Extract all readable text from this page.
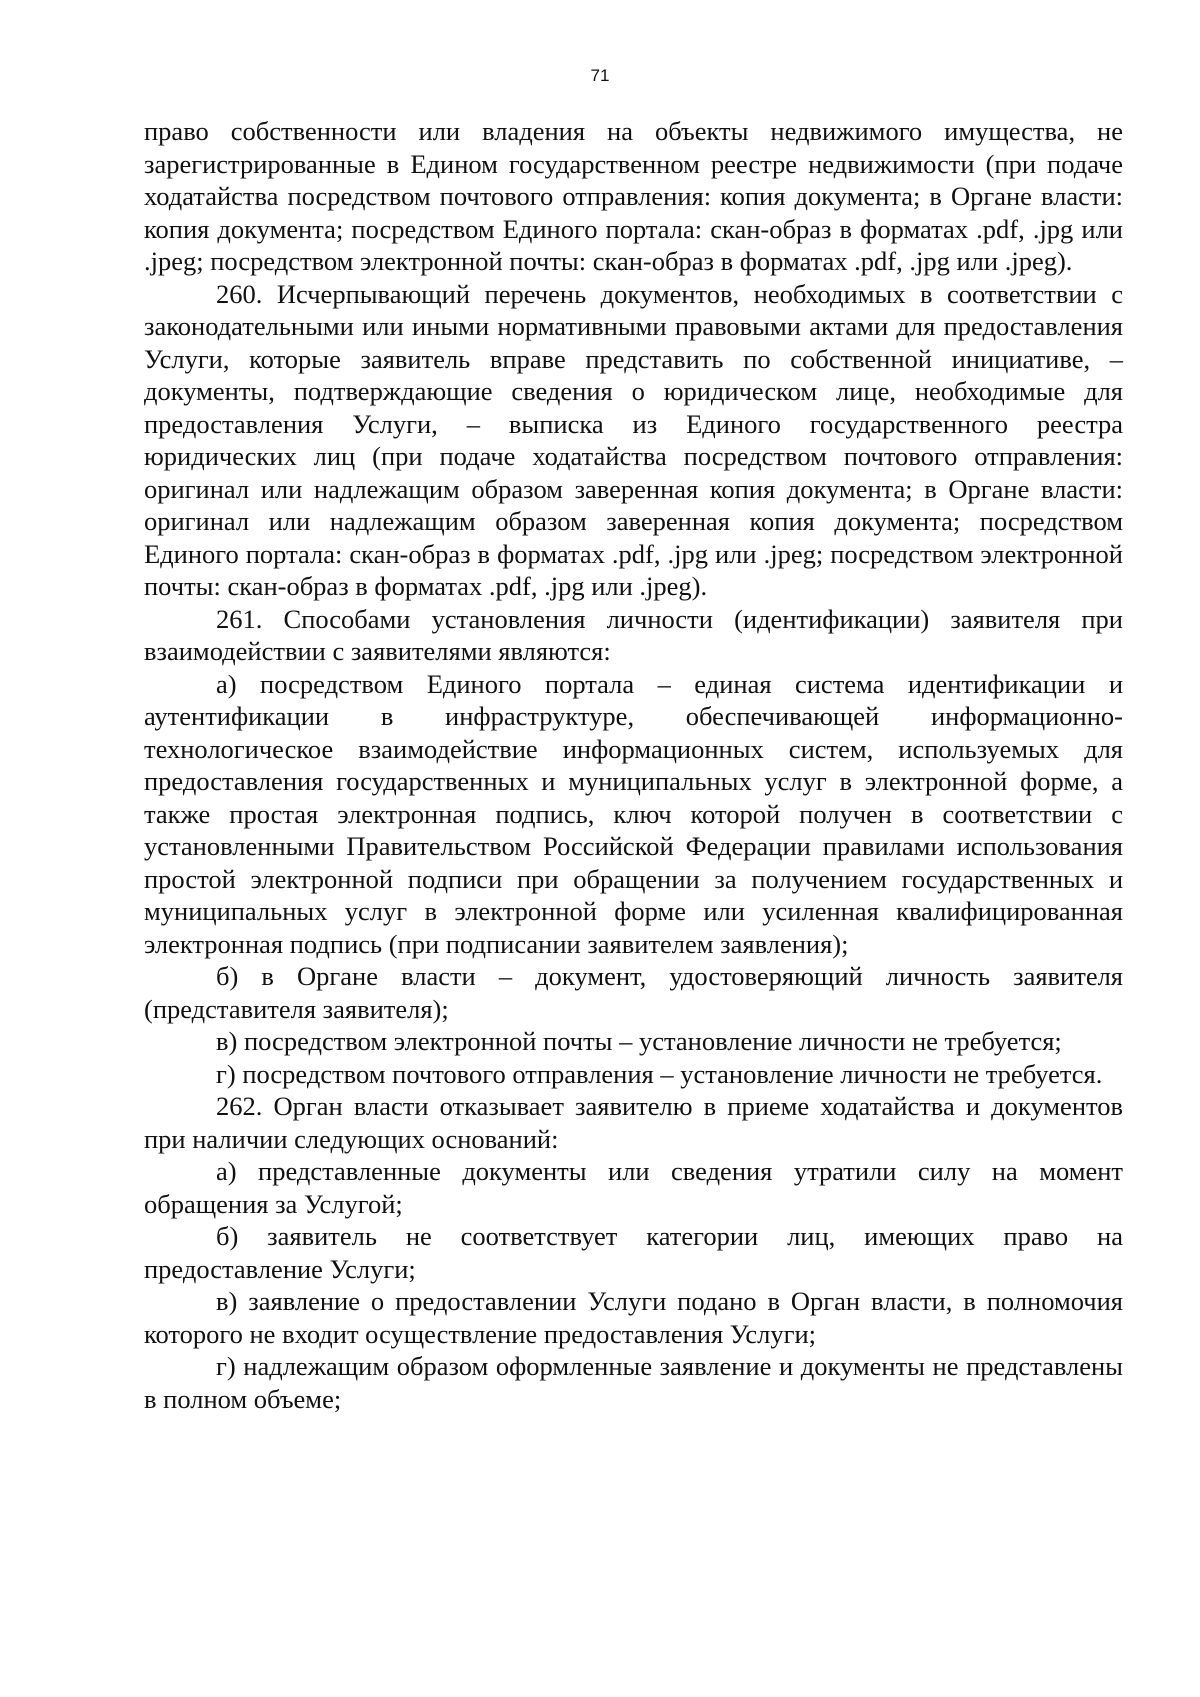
71

право собственности или владения на объекты недвижимого имущества, не зарегистрированные в Едином государственном реестре недвижимости (при подаче ходатайства посредством почтового отправления: копия документа; в Органе власти: копия документа; посредством Единого портала: скан-образ в форматах .pdf, .jpg или .jpeg; посредством электронной почты: скан-образ в форматах .pdf, .jpg или .jpeg).

260. Исчерпывающий перечень документов, необходимых в соответствии с законодательными или иными нормативными правовыми актами для предоставления Услуги, которые заявитель вправе представить по собственной инициативе, – документы, подтверждающие сведения о юридическом лице, необходимые для предоставления Услуги, – выписка из Единого государственного реестра юридических лиц (при подаче ходатайства посредством почтового отправления: оригинал или надлежащим образом заверенная копия документа; в Органе власти: оригинал или надлежащим образом заверенная копия документа; посредством Единого портала: скан-образ в форматах .pdf, .jpg или .jpeg; посредством электронной почты: скан-образ в форматах .pdf, .jpg или .jpeg).

261. Способами установления личности (идентификации) заявителя при взаимодействии с заявителями являются:

а) посредством Единого портала – единая система идентификации и аутентификации в инфраструктуре, обеспечивающей информационно-технологическое взаимодействие информационных систем, используемых для предоставления государственных и муниципальных услуг в электронной форме, а также простая электронная подпись, ключ которой получен в соответствии с установленными Правительством Российской Федерации правилами использования простой электронной подписи при обращении за получением государственных и муниципальных услуг в электронной форме или усиленная квалифицированная электронная подпись (при подписании заявителем заявления);

б) в Органе власти – документ, удостоверяющий личность заявителя (представителя заявителя);

в) посредством электронной почты – установление личности не требуется;

г) посредством почтового отправления – установление личности не требуется.

262. Орган власти отказывает заявителю в приеме ходатайства и документов при наличии следующих оснований:

а) представленные документы или сведения утратили силу на момент обращения за Услугой;

б) заявитель не соответствует категории лиц, имеющих право на предоставление Услуги;

в) заявление о предоставлении Услуги подано в Орган власти, в полномочия которого не входит осуществление предоставления Услуги;

г) надлежащим образом оформленные заявление и документы не представлены в полном объеме;
